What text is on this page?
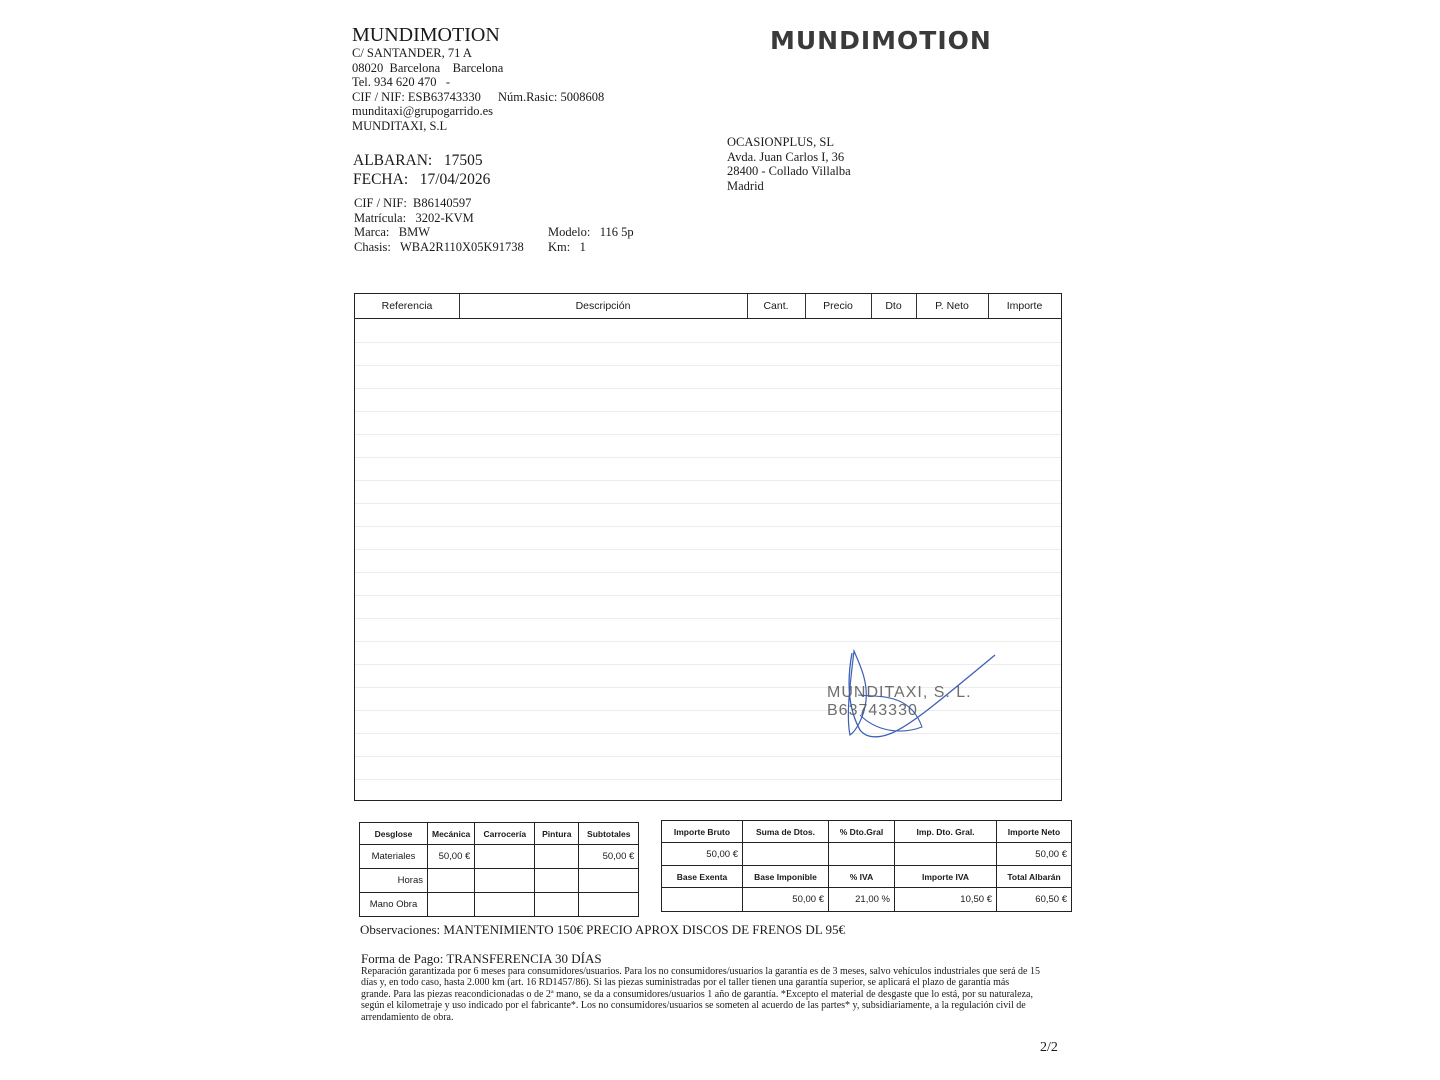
MUNDIMOTION
C/ SANTANDER, 71 A
08020  Barcelona    Barcelona
Tel. 934 620 470   -
CIF / NIF: ESB63743330 Núm.Rasic: 5008608
munditaxi@grupogarrido.es
MUNDITAXI, S.L
MUNDIMOTION
ALBARAN:   17505
FECHA:   17/04/2026
OCASIONPLUS, SL
Avda. Juan Carlos I, 36
28400 - Collado Villalba
Madrid
CIF / NIF:  B86140597
Matrícula:   3202-KVM
Marca:   BMW	Modelo:   116 5p
Chasis:   WBA2R110X05K91738 Km:   1
Referencia	Descripción	Cant.	Precio	Dto	P. Neto	Importe
MUNDITAXI, S. L.
B63743330
Desglose	Mecánica	Carrocería	Pintura	Subtotales
Materiales	50,00 €			50,00 €
Horas				
Mano Obra				
Importe Bruto	Suma de Dtos.	% Dto.Gral	Imp. Dto. Gral.	Importe Neto
50,00 €				50,00 €
Base Exenta	Base Imponible	% IVA	Importe IVA	Total Albarán
	50,00 €	21,00 %	10,50 €	60,50 €
Observaciones: MANTENIMIENTO 150€ PRECIO APROX DISCOS DE FRENOS DL 95€
Forma de Pago: TRANSFERENCIA 30 DÍAS
Reparación garantizada por 6 meses para consumidores/usuarios. Para los no consumidores/usuarios la garantía es de 3 meses, salvo vehículos industriales que será de 15 días y, en todo caso, hasta 2.000 km (art. 16 RD1457/86). Si las piezas suministradas por el taller tienen una garantía superior, se aplicará el plazo de garantía más grande. Para las piezas reacondicionadas o de 2ª mano, se da a consumidores/usuarios 1 año de garantía. *Excepto el material de desgaste que lo está, por su naturaleza, según el kilometraje y uso indicado por el fabricante*. Los no consumidores/usuarios se someten al acuerdo de las partes* y, subsidiariamente, a la regulación civil de arrendamiento de obra.
2/2
